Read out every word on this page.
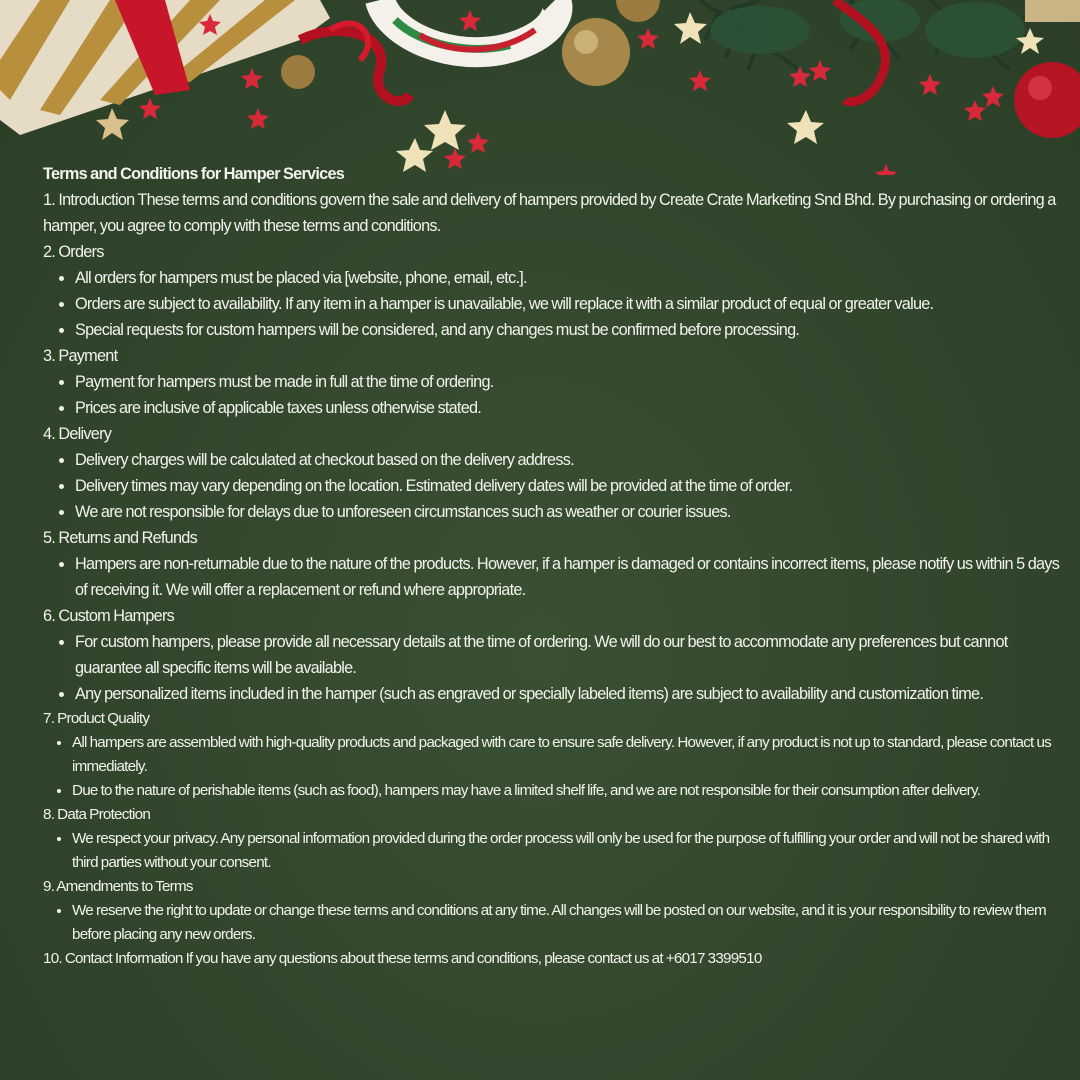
Terms and Conditions for Hamper Services

1. Introduction These terms and conditions govern the sale and delivery of hampers provided by Create Crate Marketing Snd Bhd. By purchasing or ordering a hamper, you agree to comply with these terms and conditions.

2. Orders

• All orders for hampers must be placed via [website, phone, email, etc.].
• Orders are subject to availability. If any item in a hamper is unavailable, we will replace it with a similar product of equal or greater value.
• Special requests for custom hampers will be considered, and any changes must be confirmed before processing.

3. Payment

• Payment for hampers must be made in full at the time of ordering.
• Prices are inclusive of applicable taxes unless otherwise stated.

4. Delivery

• Delivery charges will be calculated at checkout based on the delivery address.
• Delivery times may vary depending on the location. Estimated delivery dates will be provided at the time of order.
• We are not responsible for delays due to unforeseen circumstances such as weather or courier issues.

5. Returns and Refunds

• Hampers are non-returnable due to the nature of the products. However, if a hamper is damaged or contains incorrect items, please notify us within 5 days of receiving it. We will offer a replacement or refund where appropriate.

6. Custom Hampers

• For custom hampers, please provide all necessary details at the time of ordering. We will do our best to accommodate any preferences but cannot guarantee all specific items will be available.
• Any personalized items included in the hamper (such as engraved or specially labeled items) are subject to availability and customization time.

7. Product Quality

• All hampers are assembled with high-quality products and packaged with care to ensure safe delivery. However, if any product is not up to standard, please contact us immediately.
• Due to the nature of perishable items (such as food), hampers may have a limited shelf life, and we are not responsible for their consumption after delivery.

8. Data Protection

• We respect your privacy. Any personal information provided during the order process will only be used for the purpose of fulfilling your order and will not be shared with third parties without your consent.

9. Amendments to Terms

• We reserve the right to update or change these terms and conditions at any time. All changes will be posted on our website, and it is your responsibility to review them before placing any new orders.

10. Contact Information If you have any questions about these terms and conditions, please contact us at +6017 3399510
